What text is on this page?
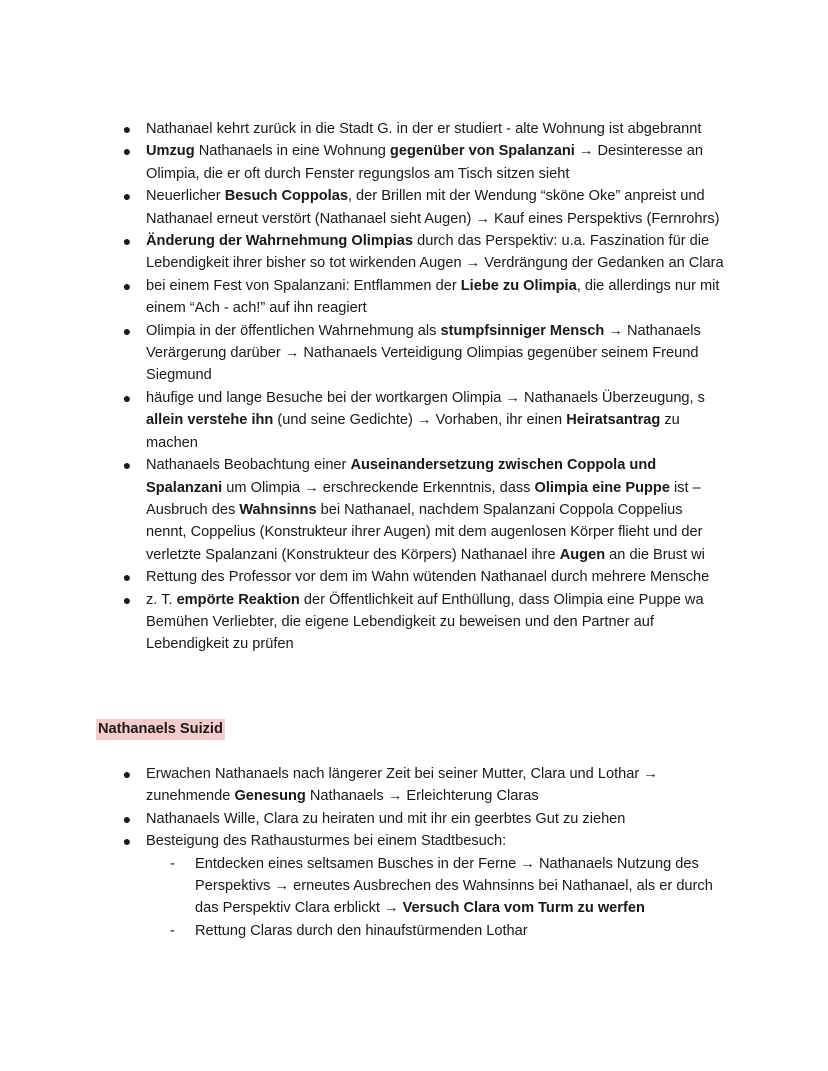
● Nathanael kehrt zurück in die Stadt G. in der er studiert - alte Wohnung ist abgebrannt
● Umzug Nathanaels in eine Wohnung gegenüber von Spalanzani → Desinteresse an Olimpia, die er oft durch Fenster regungslos am Tisch sitzen sieht
● Neuerlicher Besuch Coppolas, der Brillen mit der Wendung “sköne Oke” anpreist und Nathanael erneut verstört (Nathanael sieht Augen) → Kauf eines Perspektivs (Fernrohrs)
● Änderung der Wahrnehmung Olimpias durch das Perspektiv: u.a. Faszination für die Lebendigkeit ihrer bisher so tot wirkenden Augen → Verdrängung der Gedanken an Clara
● bei einem Fest von Spalanzani: Entflammen der Liebe zu Olimpia, die allerdings nur mit einem “Ach - ach!” auf ihn reagiert
● Olimpia in der öffentlichen Wahrnehmung als stumpfsinniger Mensch → Nathanaels Verärgerung darüber → Nathanaels Verteidigung Olimpias gegenüber seinem Freund Siegmund
● häufige und lange Besuche bei der wortkargen Olimpia → Nathanaels Überzeugung, s
allein verstehe ihn (und seine Gedichte) → Vorhaben, ihr einen Heiratsantrag zu machen
● Nathanaels Beobachtung einer Auseinandersetzung zwischen Coppola und Spalanzani um Olimpia → erschreckende Erkenntnis, dass Olimpia eine Puppe ist – Ausbruch des Wahnsinns bei Nathanael, nachdem Spalanzani Coppola Coppelius nennt, Coppelius (Konstrukteur ihrer Augen) mit dem augenlosen Körper flieht und der verletzte Spalanzani (Konstrukteur des Körpers) Nathanael ihre Augen an die Brust wi
● Rettung des Professor vor dem im Wahn wütenden Nathanael durch mehrere Mensche
● z. T. empörte Reaktion der Öffentlichkeit auf Enthüllung, dass Olimpia eine Puppe wa
Bemühen Verliebter, die eigene Lebendigkeit zu beweisen und den Partner auf Lebendigkeit zu prüfen
Nathanaels Suizid
● Erwachen Nathanaels nach längerer Zeit bei seiner Mutter, Clara und Lothar → zunehmende Genesung Nathanaels → Erleichterung Claras
● Nathanaels Wille, Clara zu heiraten und mit ihr ein geerbtes Gut zu ziehen
● Besteigung des Rathausturmes bei einem Stadtbesuch:
- Entdecken eines seltsamen Busches in der Ferne → Nathanaels Nutzung des Perspektivs → erneutes Ausbrechen des Wahnsinns bei Nathanael, als er durch das Perspektiv Clara erblickt → Versuch Clara vom Turm zu werfen
- Rettung Claras durch den hinaufstürmenden Lothar
